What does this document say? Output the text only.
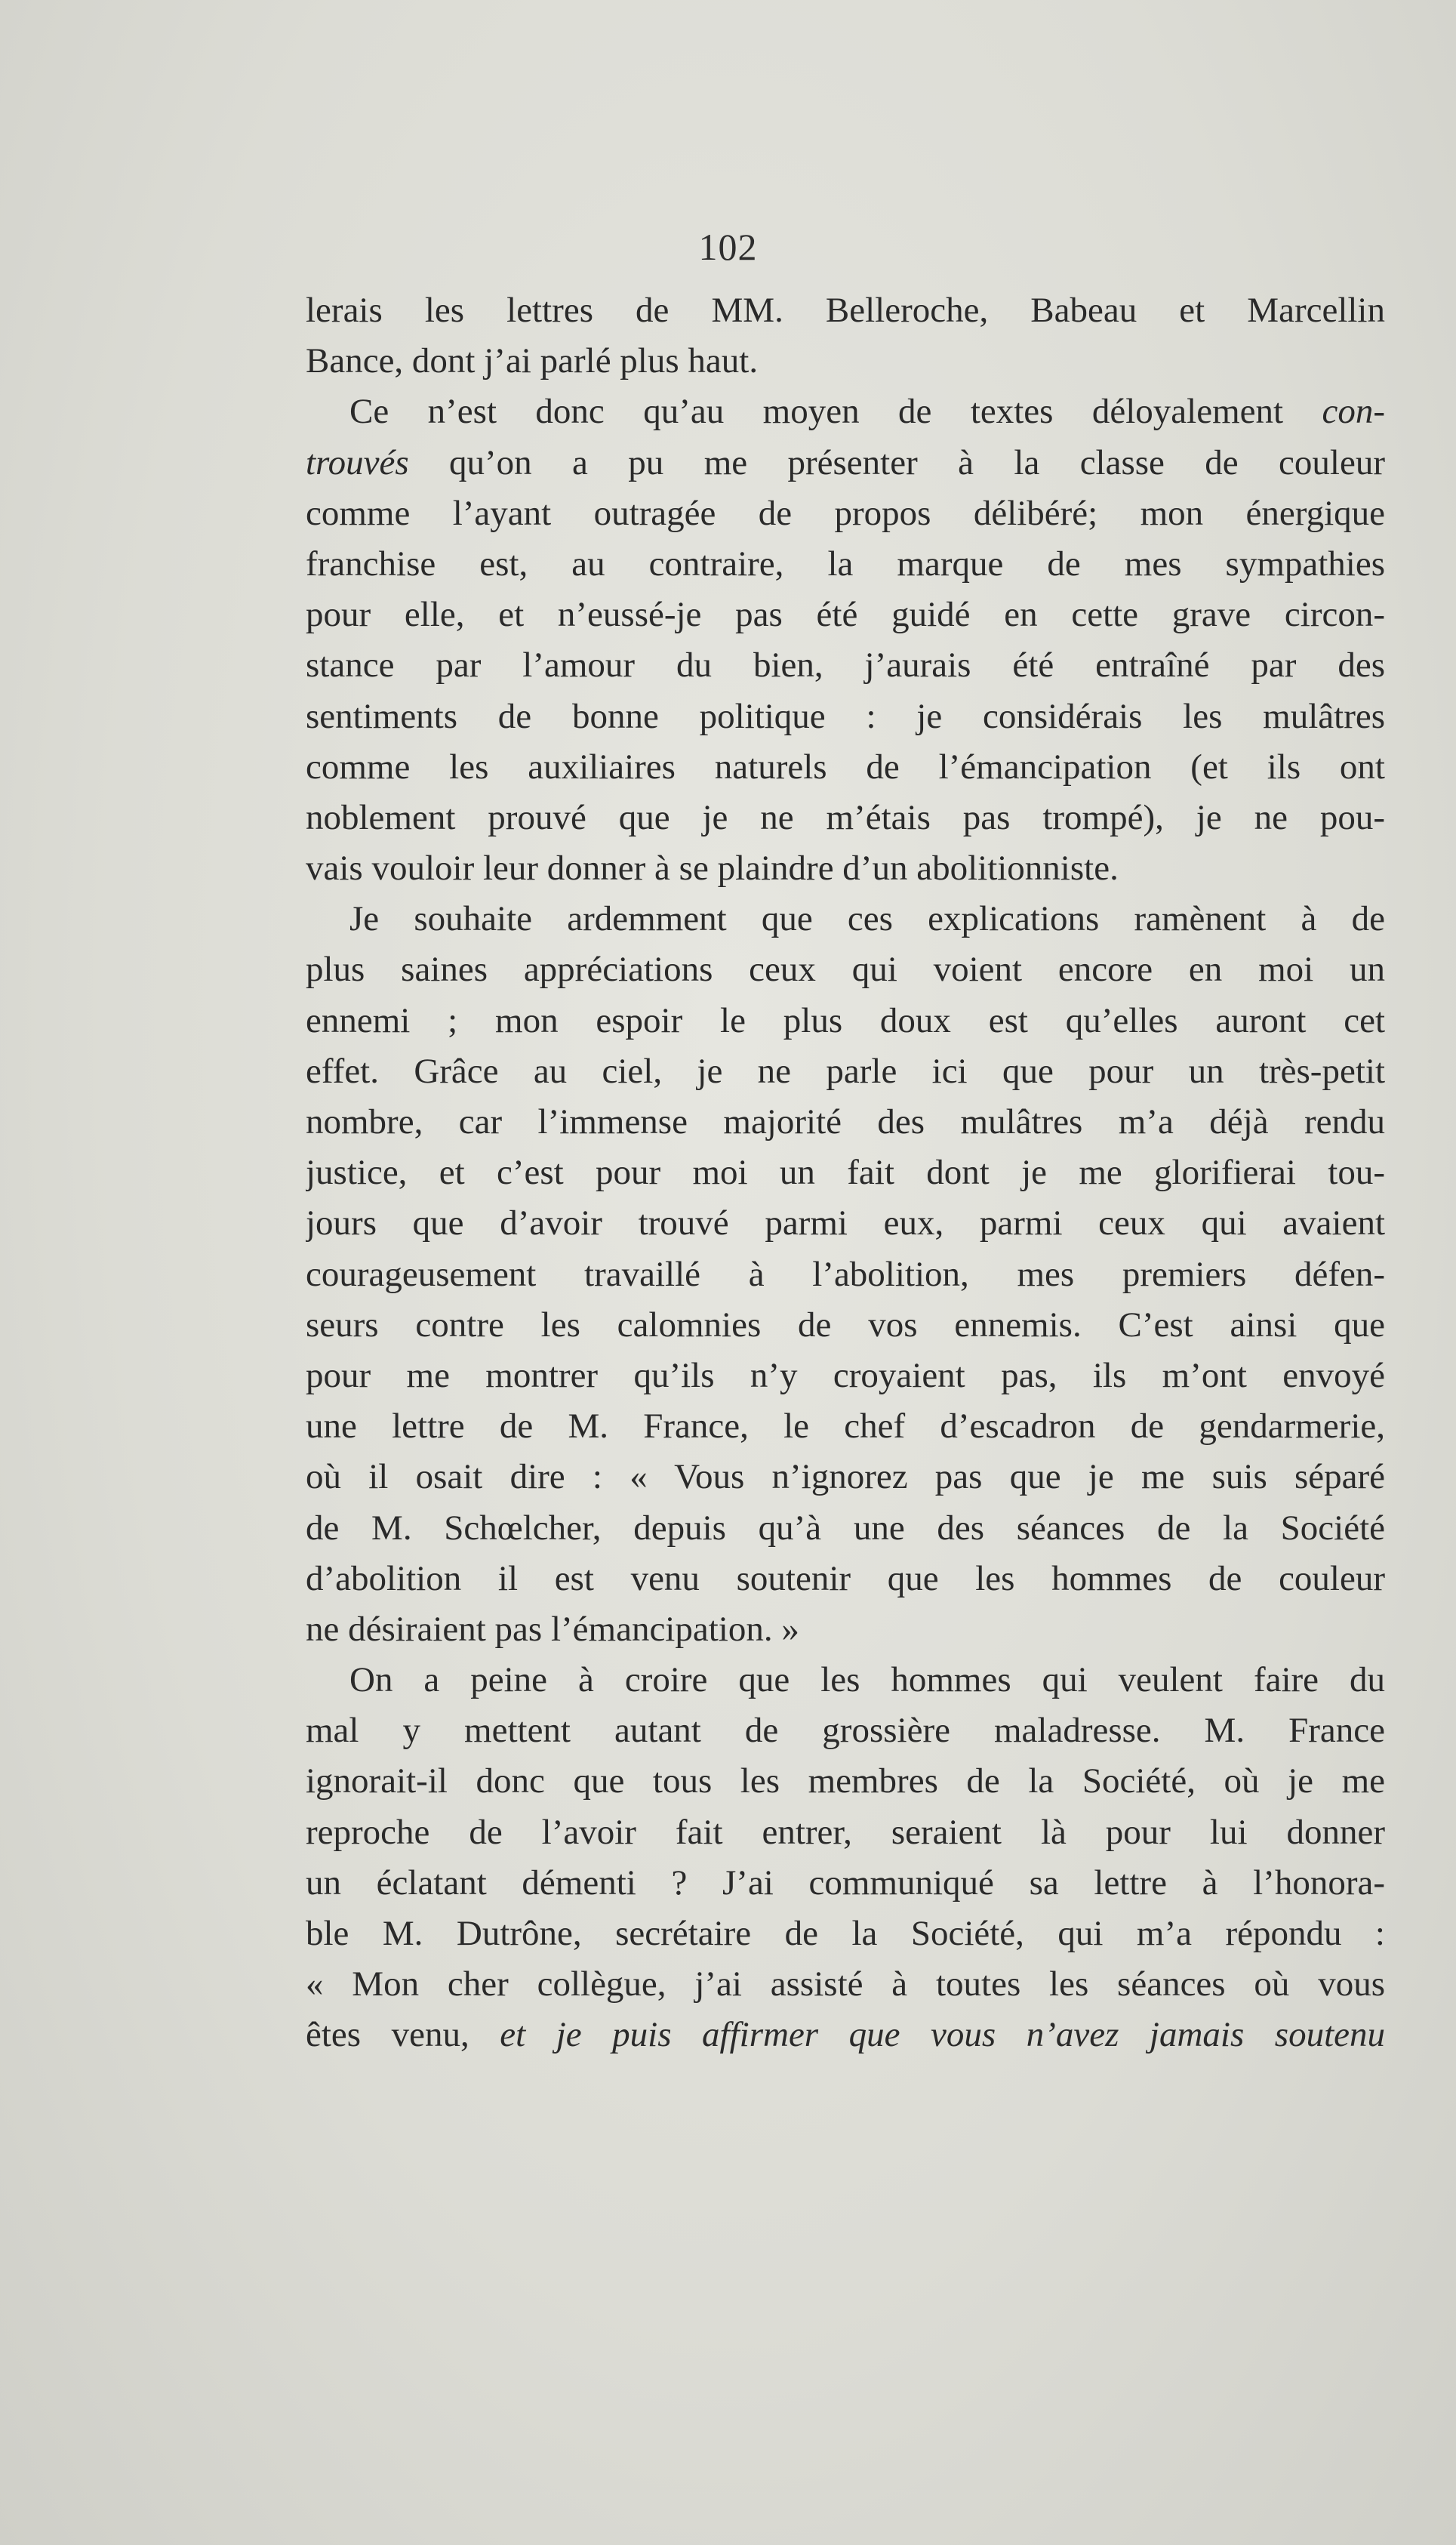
102
lerais les lettres de MM. Belleroche, Babeau et Marcellin
Bance, dont j’ai parlé plus haut.
Ce n’est donc qu’au moyen de textes déloyalement con-
trouvés qu’on a pu me présenter à la classe de couleur
comme l’ayant outragée de propos délibéré; mon énergique
franchise est, au contraire, la marque de mes sympathies
pour elle, et n’eussé-je pas été guidé en cette grave circon-
stance par l’amour du bien, j’aurais été entraîné par des
sentiments de bonne politique : je considérais les mulâtres
comme les auxiliaires naturels de l’émancipation (et ils ont
noblement prouvé que je ne m’étais pas trompé), je ne pou-
vais vouloir leur donner à se plaindre d’un abolitionniste.
Je souhaite ardemment que ces explications ramènent à de
plus saines appréciations ceux qui voient encore en moi un
ennemi ; mon espoir le plus doux est qu’elles auront cet
effet. Grâce au ciel, je ne parle ici que pour un très-petit
nombre, car l’immense majorité des mulâtres m’a déjà rendu
justice, et c’est pour moi un fait dont je me glorifierai tou-
jours que d’avoir trouvé parmi eux, parmi ceux qui avaient
courageusement travaillé à l’abolition, mes premiers défen-
seurs contre les calomnies de vos ennemis. C’est ainsi que
pour me montrer qu’ils n’y croyaient pas, ils m’ont envoyé
une lettre de M. France, le chef d’escadron de gendarmerie,
où il osait dire : « Vous n’ignorez pas que je me suis séparé
de M. Schœlcher, depuis qu’à une des séances de la Société
d’abolition il est venu soutenir que les hommes de couleur
ne désiraient pas l’émancipation. »
On a peine à croire que les hommes qui veulent faire du
mal y mettent autant de grossière maladresse. M. France
ignorait-il donc que tous les membres de la Société, où je me
reproche de l’avoir fait entrer, seraient là pour lui donner
un éclatant démenti ? J’ai communiqué sa lettre à l’honora-
ble M. Dutrône, secrétaire de la Société, qui m’a répondu :
« Mon cher collègue, j’ai assisté à toutes les séances où vous
êtes venu, et je puis affirmer que vous n’avez jamais soutenu
